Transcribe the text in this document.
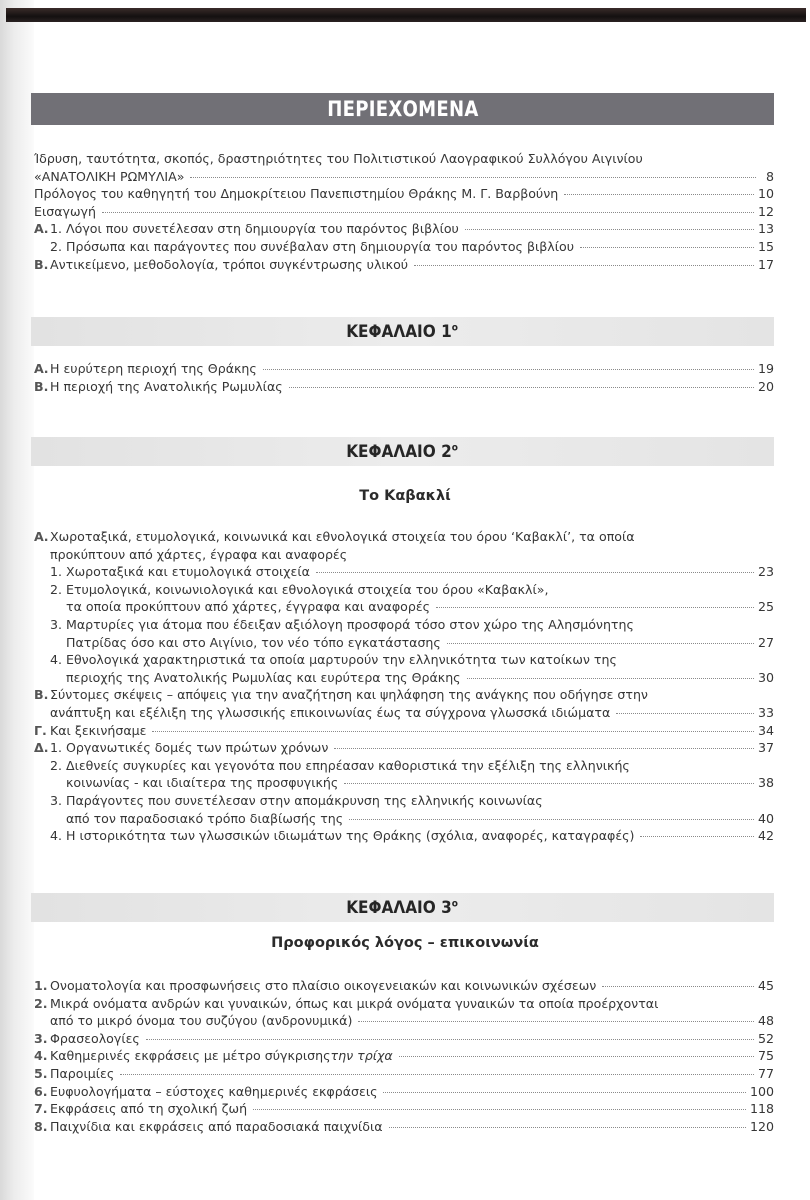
ΠΕΡΙΕΧΟΜΕΝΑ
Ίδρυση, ταυτότητα, σκοπός, δραστηριότητες του Πολιτιστικού Λαογραφικού Συλλόγου Αιγινίου
«ΑΝΑΤΟΛΙΚΗ ΡΩΜΥΛΙΑ»	8
Πρόλογος του καθηγητή του Δημοκρίτειου Πανεπιστημίου Θράκης Μ. Γ. Βαρβούνη	10
Εισαγωγή	12
Α. 1. Λόγοι που συνετέλεσαν στη δημιουργία του παρόντος βιβλίου	13
2. Πρόσωπα και παράγοντες που συνέβαλαν στη δημιουργία του παρόντος βιβλίου	15
Β. Αντικείμενο, μεθοδολογία, τρόποι συγκέντρωσης υλικού	17
ΚΕΦΑΛΑΙΟ $1^o$
Α. Η ευρύτερη περιοχή της Θράκης	19
Β. Η περιοχή της Ανατολικής Ρωμυλίας	20
ΚΕΦΑΛΑΙΟ $2^o$
Το Καβακλί
Α. Χωροταξικά, ετυμολογικά, κοινωνικά και εθνολογικά στοιχεία του όρου ‘Καβακλί’, τα οποία
προκύπτουν από χάρτες, έγραφα και αναφορές
1. Χωροταξικά και ετυμολογικά στοιχεία	23
2. Ετυμολογικά, κοινωνιολογικά και εθνολογικά στοιχεία του όρου «Καβακλί»,
τα οποία προκύπτουν από χάρτες, έγγραφα και αναφορές	25
3. Μαρτυρίες για άτομα που έδειξαν αξιόλογη προσφορά τόσο στον χώρο της Αλησμόνητης
Πατρίδας όσο και στο Αιγίνιο, τον νέο τόπο εγκατάστασης	27
4. Εθνολογικά χαρακτηριστικά τα οποία μαρτυρούν την ελληνικότητα των κατοίκων της
περιοχής της Ανατολικής Ρωμυλίας και ευρύτερα της Θράκης	30
Β. Σύντομες σκέψεις – απόψεις για την αναζήτηση και ψηλάφηση της ανάγκης που οδήγησε στην
ανάπτυξη και εξέλιξη της γλωσσικής επικοινωνίας έως τα σύγχρονα γλωσσκά ιδιώματα	33
Γ. Και ξεκινήσαμε	34
Δ. 1. Οργανωτικές δομές των πρώτων χρόνων	37
2. Διεθνείς συγκυρίες και γεγονότα που επηρέασαν καθοριστικά την εξέλιξη της ελληνικής
κοινωνίας - και ιδιαίτερα της προσφυγικής	38
3. Παράγοντες που συνετέλεσαν στην απομάκρυνση της ελληνικής κοινωνίας
από τον παραδοσιακό τρόπο διαβίωσής της	40
4. Η ιστορικότητα των γλωσσικών ιδιωμάτων της Θράκης (σχόλια, αναφορές, καταγραφές)	42
ΚΕΦΑΛΑΙΟ $3^o$
Προφορικός λόγος – επικοινωνία
1. Ονοματολογία και προσφωνήσεις στο πλαίσιο οικογενειακών και κοινωνικών σχέσεων	45
2. Μικρά ονόματα ανδρών και γυναικών, όπως και μικρά ονόματα γυναικών τα οποία προέρχονται
από το μικρό όνομα του συζύγου (ανδρονυμικά)	48
3. Φρασεολογίες	52
4. Καθημερινές εκφράσεις με μέτρο σύγκρισης την τρίχα	75
5. Παροιμίες	77
6. Ευφυολογήματα – εύστοχες καθημερινές εκφράσεις	100
7. Εκφράσεις από τη σχολική ζωή	118
8. Παιχνίδια και εκφράσεις από παραδοσιακά παιχνίδια	120
